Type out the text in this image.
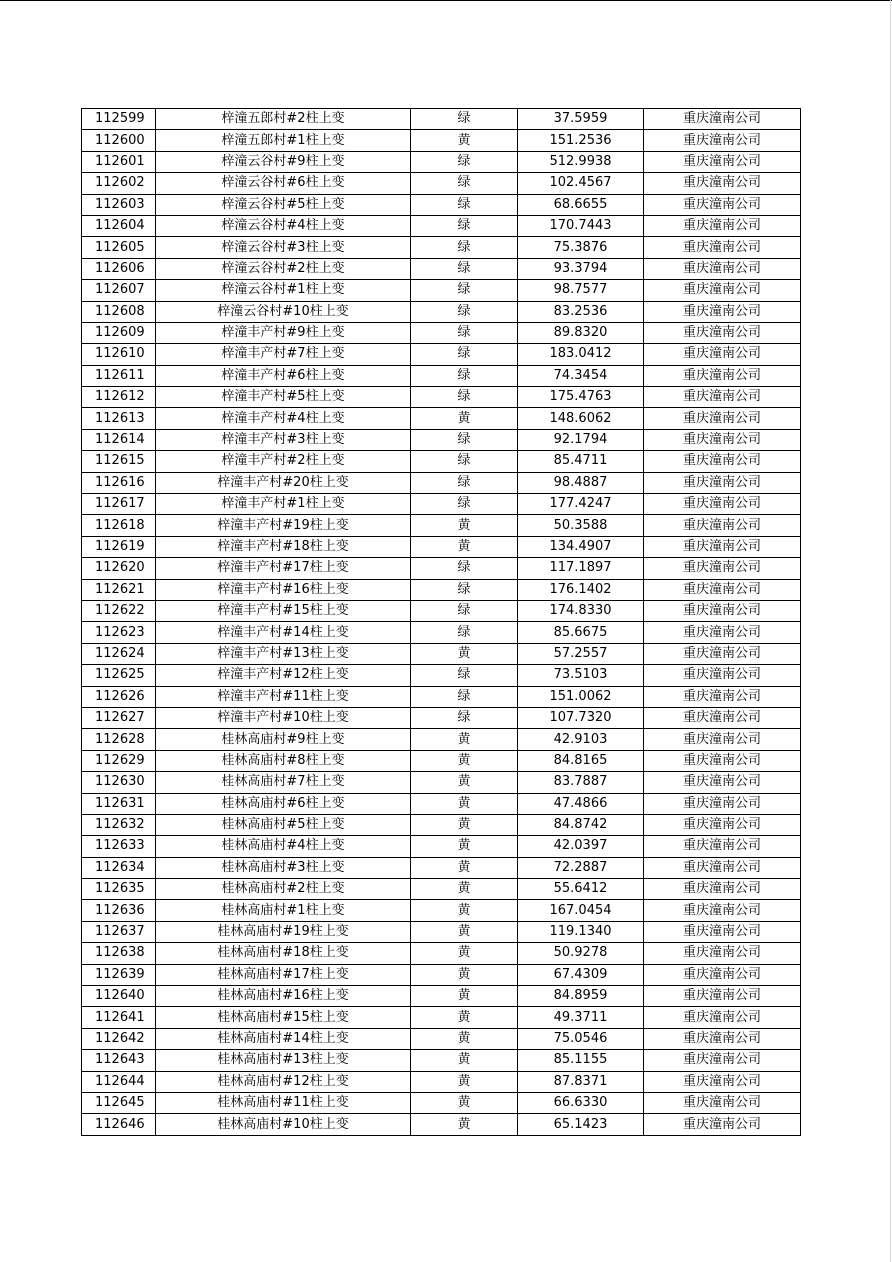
112599	梓潼五郎村#2柱上变	绿	37.5959	重庆潼南公司
112600	梓潼五郎村#1柱上变	黄	151.2536	重庆潼南公司
112601	梓潼云谷村#9柱上变	绿	512.9938	重庆潼南公司
112602	梓潼云谷村#6柱上变	绿	102.4567	重庆潼南公司
112603	梓潼云谷村#5柱上变	绿	68.6655	重庆潼南公司
112604	梓潼云谷村#4柱上变	绿	170.7443	重庆潼南公司
112605	梓潼云谷村#3柱上变	绿	75.3876	重庆潼南公司
112606	梓潼云谷村#2柱上变	绿	93.3794	重庆潼南公司
112607	梓潼云谷村#1柱上变	绿	98.7577	重庆潼南公司
112608	梓潼云谷村#10柱上变	绿	83.2536	重庆潼南公司
112609	梓潼丰产村#9柱上变	绿	89.8320	重庆潼南公司
112610	梓潼丰产村#7柱上变	绿	183.0412	重庆潼南公司
112611	梓潼丰产村#6柱上变	绿	74.3454	重庆潼南公司
112612	梓潼丰产村#5柱上变	绿	175.4763	重庆潼南公司
112613	梓潼丰产村#4柱上变	黄	148.6062	重庆潼南公司
112614	梓潼丰产村#3柱上变	绿	92.1794	重庆潼南公司
112615	梓潼丰产村#2柱上变	绿	85.4711	重庆潼南公司
112616	梓潼丰产村#20柱上变	绿	98.4887	重庆潼南公司
112617	梓潼丰产村#1柱上变	绿	177.4247	重庆潼南公司
112618	梓潼丰产村#19柱上变	黄	50.3588	重庆潼南公司
112619	梓潼丰产村#18柱上变	黄	134.4907	重庆潼南公司
112620	梓潼丰产村#17柱上变	绿	117.1897	重庆潼南公司
112621	梓潼丰产村#16柱上变	绿	176.1402	重庆潼南公司
112622	梓潼丰产村#15柱上变	绿	174.8330	重庆潼南公司
112623	梓潼丰产村#14柱上变	绿	85.6675	重庆潼南公司
112624	梓潼丰产村#13柱上变	黄	57.2557	重庆潼南公司
112625	梓潼丰产村#12柱上变	绿	73.5103	重庆潼南公司
112626	梓潼丰产村#11柱上变	绿	151.0062	重庆潼南公司
112627	梓潼丰产村#10柱上变	绿	107.7320	重庆潼南公司
112628	桂林高庙村#9柱上变	黄	42.9103	重庆潼南公司
112629	桂林高庙村#8柱上变	黄	84.8165	重庆潼南公司
112630	桂林高庙村#7柱上变	黄	83.7887	重庆潼南公司
112631	桂林高庙村#6柱上变	黄	47.4866	重庆潼南公司
112632	桂林高庙村#5柱上变	黄	84.8742	重庆潼南公司
112633	桂林高庙村#4柱上变	黄	42.0397	重庆潼南公司
112634	桂林高庙村#3柱上变	黄	72.2887	重庆潼南公司
112635	桂林高庙村#2柱上变	黄	55.6412	重庆潼南公司
112636	桂林高庙村#1柱上变	黄	167.0454	重庆潼南公司
112637	桂林高庙村#19柱上变	黄	119.1340	重庆潼南公司
112638	桂林高庙村#18柱上变	黄	50.9278	重庆潼南公司
112639	桂林高庙村#17柱上变	黄	67.4309	重庆潼南公司
112640	桂林高庙村#16柱上变	黄	84.8959	重庆潼南公司
112641	桂林高庙村#15柱上变	黄	49.3711	重庆潼南公司
112642	桂林高庙村#14柱上变	黄	75.0546	重庆潼南公司
112643	桂林高庙村#13柱上变	黄	85.1155	重庆潼南公司
112644	桂林高庙村#12柱上变	黄	87.8371	重庆潼南公司
112645	桂林高庙村#11柱上变	黄	66.6330	重庆潼南公司
112646	桂林高庙村#10柱上变	黄	65.1423	重庆潼南公司
